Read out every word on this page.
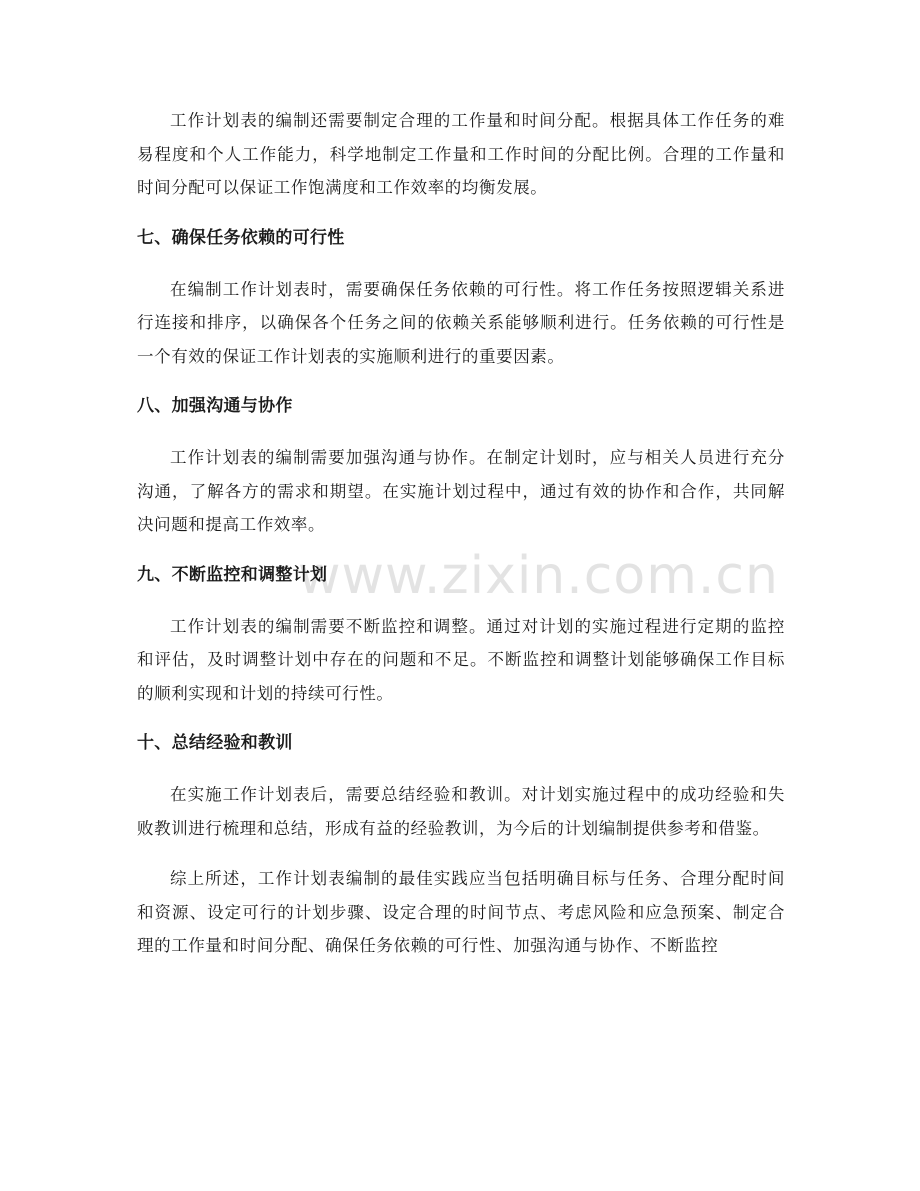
www.zixin.com.cn

工作计划表的编制还需要制定合理的工作量和时间分配。根据具体工作任务的难易程度和个人工作能力，科学地制定工作量和工作时间的分配比例。合理的工作量和时间分配可以保证工作饱满度和工作效率的均衡发展。

七、确保任务依赖的可行性

在编制工作计划表时，需要确保任务依赖的可行性。将工作任务按照逻辑关系进行连接和排序，以确保各个任务之间的依赖关系能够顺利进行。任务依赖的可行性是一个有效的保证工作计划表的实施顺利进行的重要因素。

八、加强沟通与协作

工作计划表的编制需要加强沟通与协作。在制定计划时，应与相关人员进行充分沟通，了解各方的需求和期望。在实施计划过程中，通过有效的协作和合作，共同解决问题和提高工作效率。

九、不断监控和调整计划

工作计划表的编制需要不断监控和调整。通过对计划的实施过程进行定期的监控和评估，及时调整计划中存在的问题和不足。不断监控和调整计划能够确保工作目标的顺利实现和计划的持续可行性。

十、总结经验和教训

在实施工作计划表后，需要总结经验和教训。对计划实施过程中的成功经验和失败教训进行梳理和总结，形成有益的经验教训，为今后的计划编制提供参考和借鉴。

综上所述，工作计划表编制的最佳实践应当包括明确目标与任务、合理分配时间和资源、设定可行的计划步骤、设定合理的时间节点、考虑风险和应急预案、制定合理的工作量和时间分配、确保任务依赖的可行性、加强沟通与协作、不断监控
